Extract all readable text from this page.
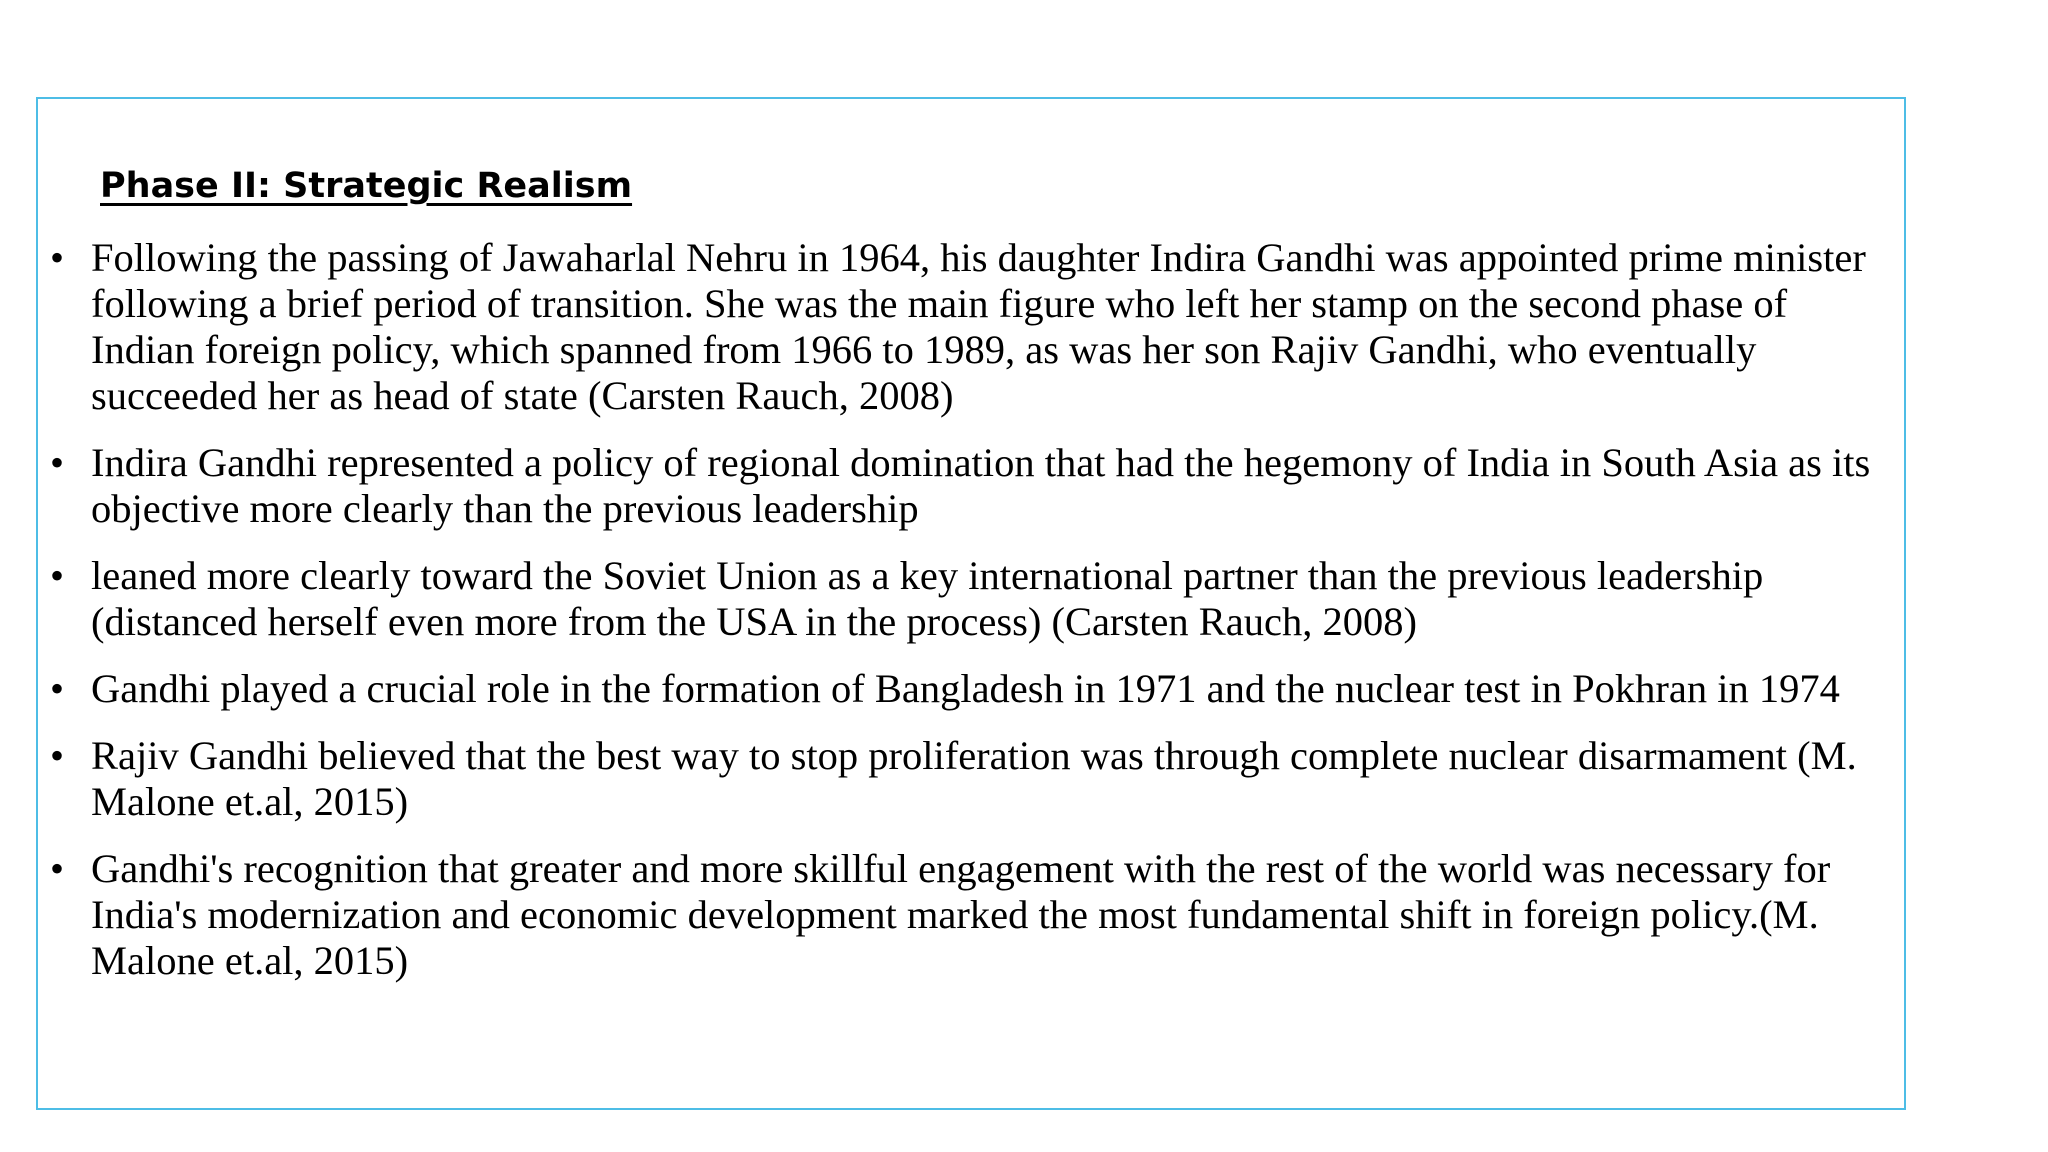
Phase II: Strategic Realism
• Following the passing of Jawaharlal Nehru in 1964, his daughter Indira Gandhi was appointed prime minister following a brief period of transition. She was the main figure who left her stamp on the second phase of Indian foreign policy, which spanned from 1966 to 1989, as was her son Rajiv Gandhi, who eventually succeeded her as head of state (Carsten Rauch, 2008)
• Indira Gandhi represented a policy of regional domination that had the hegemony of India in South Asia as its objective more clearly than the previous leadership
• leaned more clearly toward the Soviet Union as a key international partner than the previous leadership (distanced herself even more from the USA in the process) (Carsten Rauch, 2008)
• Gandhi played a crucial role in the formation of Bangladesh in 1971 and the nuclear test in Pokhran in 1974
• Rajiv Gandhi believed that the best way to stop proliferation was through complete nuclear disarmament (M. Malone et.al, 2015)
• Gandhi's recognition that greater and more skillful engagement with the rest of the world was necessary for India's modernization and economic development marked the most fundamental shift in foreign policy.(M. Malone et.al, 2015)
